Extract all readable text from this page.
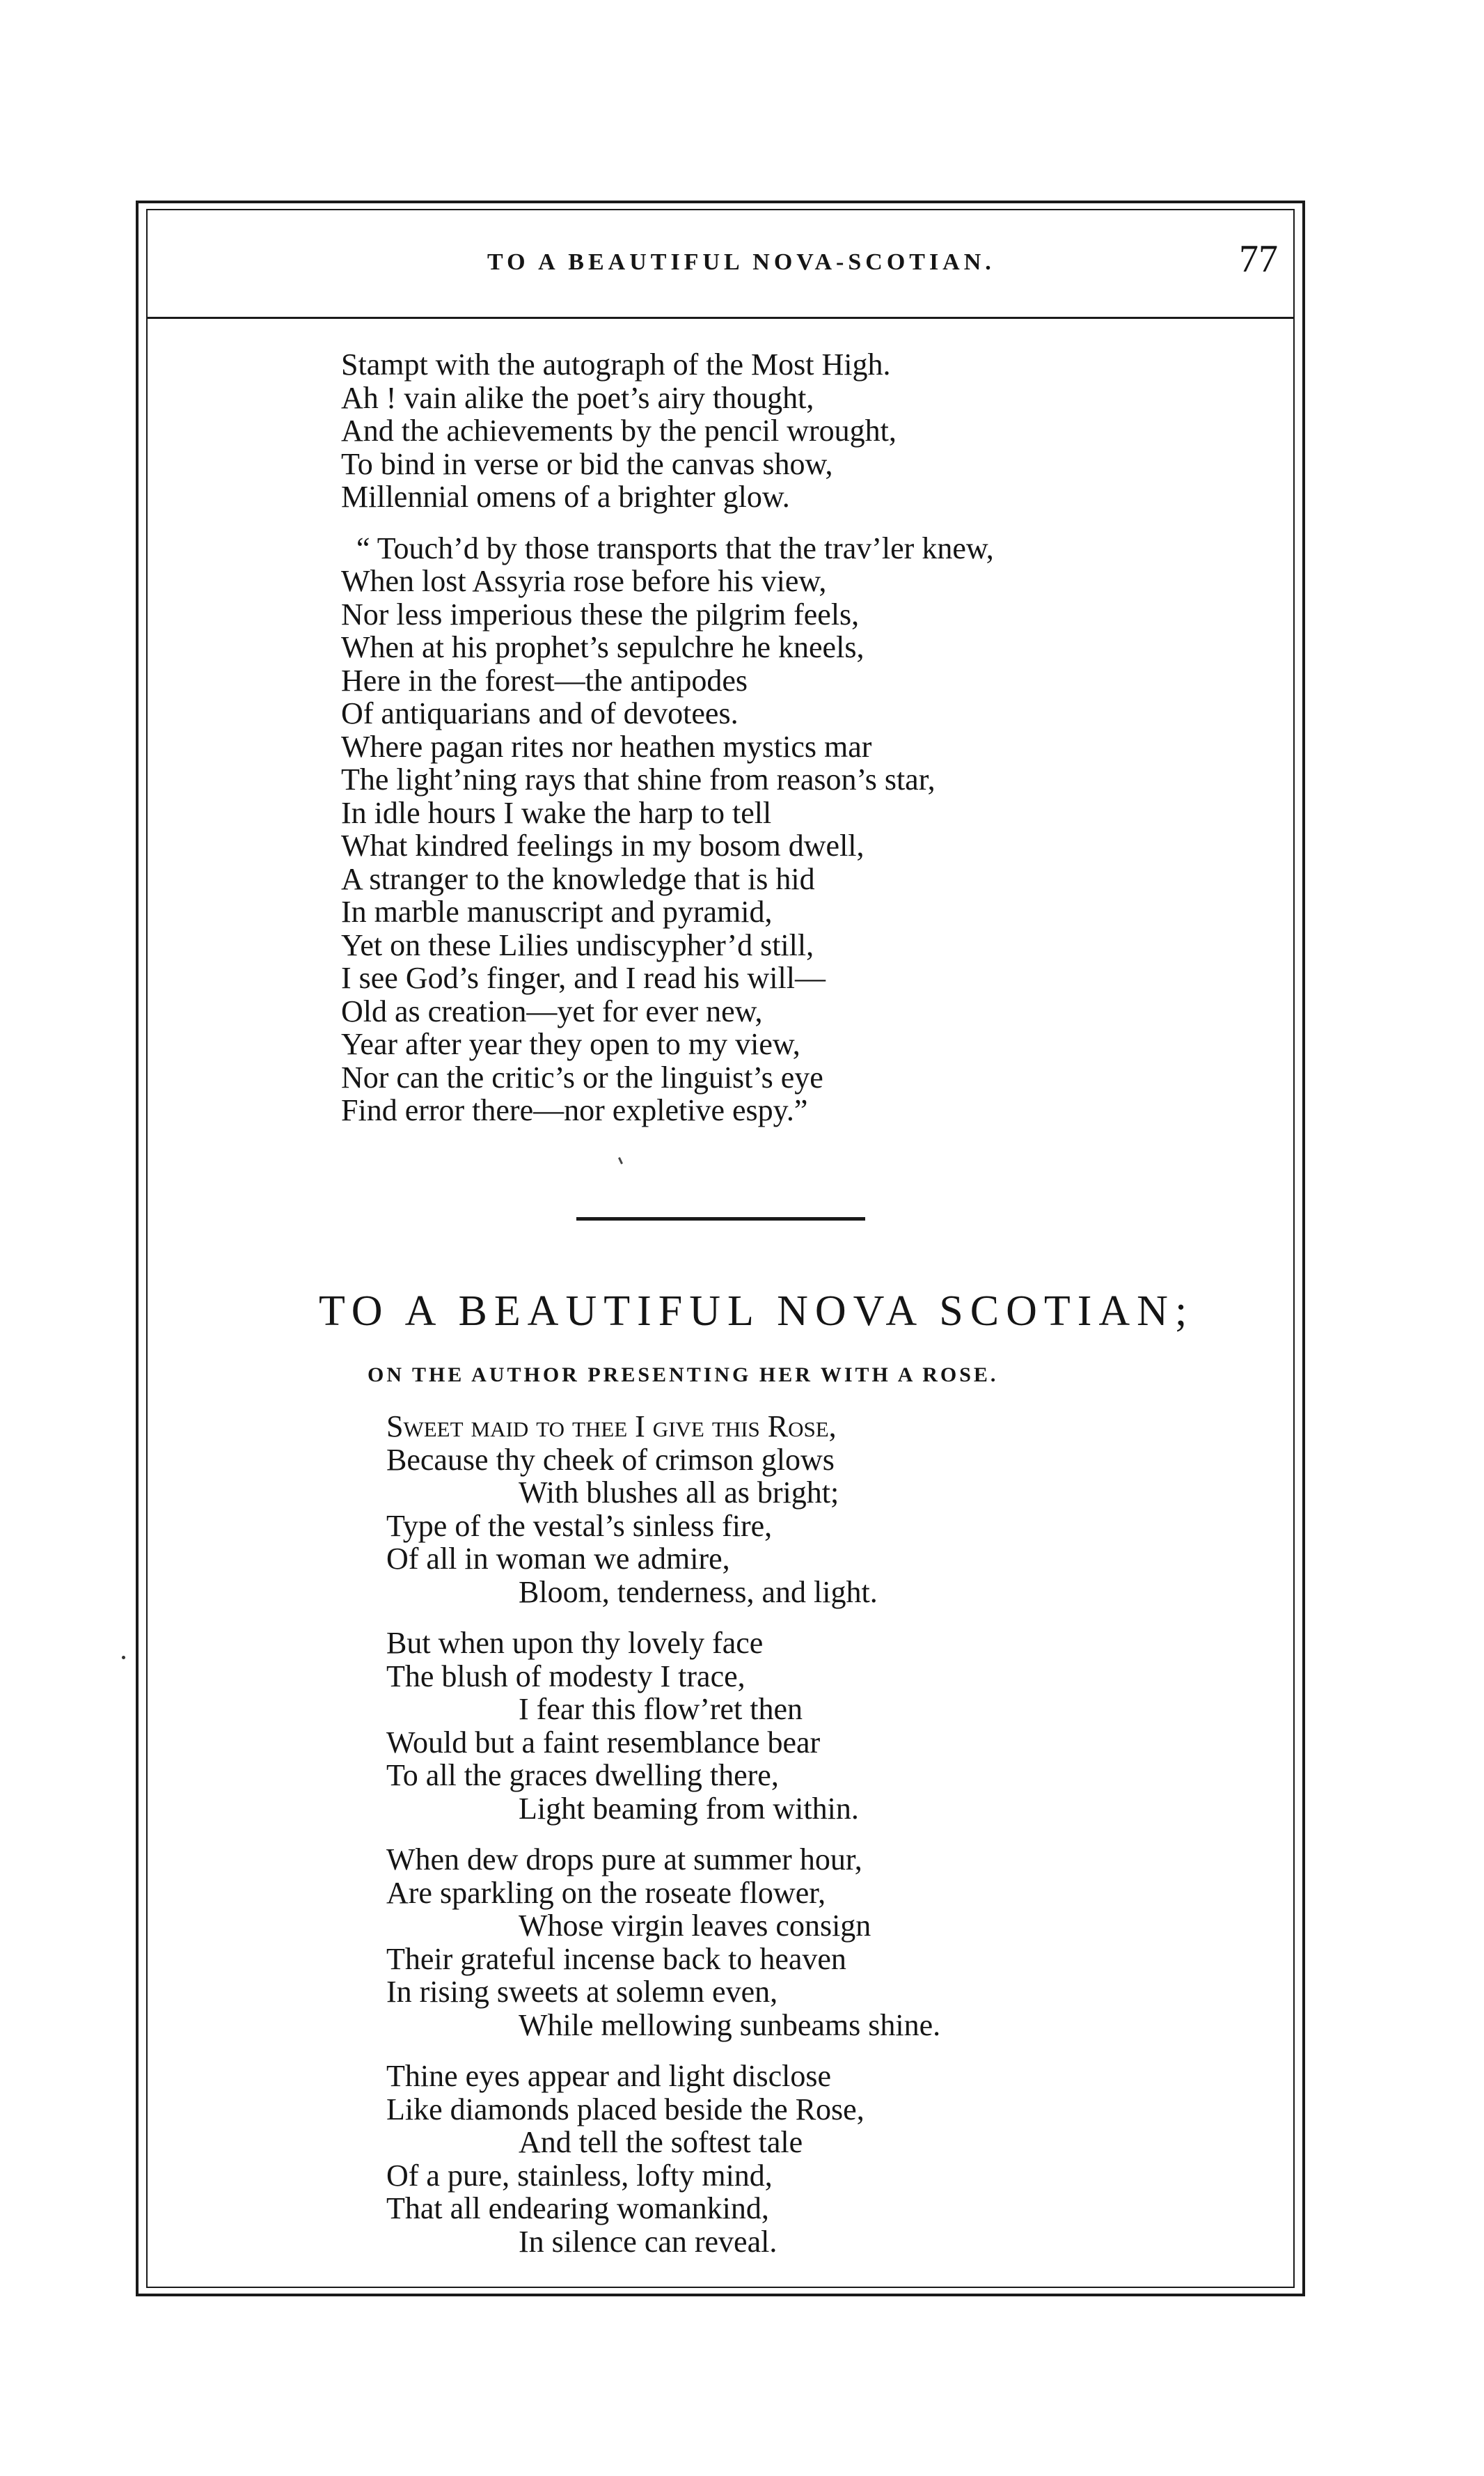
TO A BEAUTIFUL NOVA-SCOTIAN.	77
Stampt with the autograph of the Most High.
Ah ! vain alike the poet’s airy thought,
And the achievements by the pencil wrought,
To bind in verse or bid the canvas show,
Millennial omens of a brighter glow.
“ Touch’d by those transports that the trav’ler knew,
When lost Assyria rose before his view,
Nor less imperious these the pilgrim feels,
When at his prophet’s sepulchre he kneels,
Here in the forest—the antipodes
Of antiquarians and of devotees.
Where pagan rites nor heathen mystics mar
The light’ning rays that shine from reason’s star,
In idle hours I wake the harp to tell
What kindred feelings in my bosom dwell,
A stranger to the knowledge that is hid
In marble manuscript and pyramid,
Yet on these Lilies undiscypher’d still,
I see God’s finger, and I read his will—
Old as creation—yet for ever new,
Year after year they open to my view,
Nor can the critic’s or the linguist’s eye
Find error there—nor expletive espy.”
TO A BEAUTIFUL NOVA SCOTIAN;
ON THE AUTHOR PRESENTING HER WITH A ROSE.
Sweet maid to thee I give this Rose,
Because thy cheek of crimson glows
With blushes all as bright;
Type of the vestal’s sinless fire,
Of all in woman we admire,
Bloom, tenderness, and light.
But when upon thy lovely face
The blush of modesty I trace,
I fear this flow’ret then
Would but a faint resemblance bear
To all the graces dwelling there,
Light beaming from within.
When dew drops pure at summer hour,
Are sparkling on the roseate flower,
Whose virgin leaves consign
Their grateful incense back to heaven
In rising sweets at solemn even,
While mellowing sunbeams shine.
Thine eyes appear and light disclose
Like diamonds placed beside the Rose,
And tell the softest tale
Of a pure, stainless, lofty mind,
That all endearing womankind,
In silence can reveal.
